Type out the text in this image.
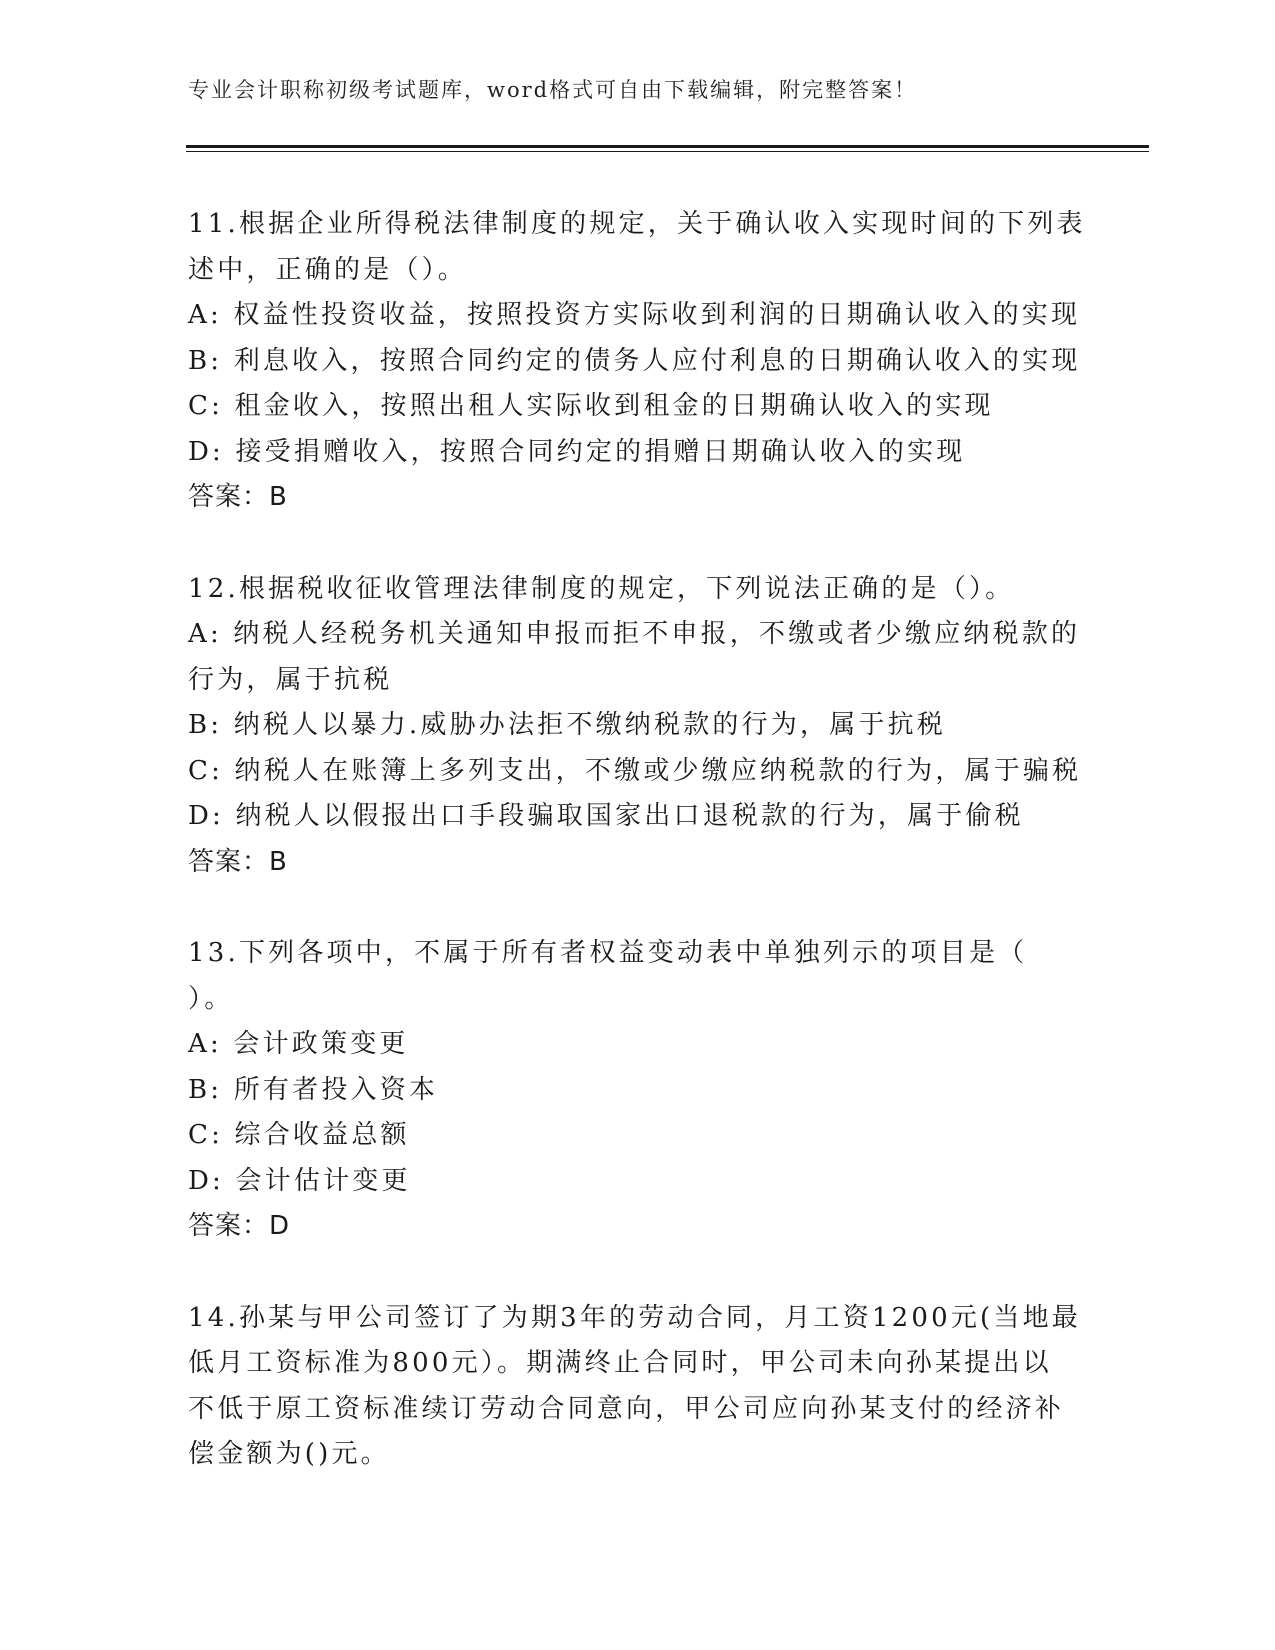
专业会计职称初级考试题库，word格式可自由下载编辑，附完整答案！
11.根据企业所得税法律制度的规定，关于确认收入实现时间的下列表
述中，正确的是（）。
A: 权益性投资收益，按照投资方实际收到利润的日期确认收入的实现
B: 利息收入，按照合同约定的债务人应付利息的日期确认收入的实现
C: 租金收入，按照出租人实际收到租金的日期确认收入的实现
D: 接受捐赠收入，按照合同约定的捐赠日期确认收入的实现
答案：B
12.根据税收征收管理法律制度的规定，下列说法正确的是（）。
A: 纳税人经税务机关通知申报而拒不申报，不缴或者少缴应纳税款的
行为，属于抗税
B: 纳税人以暴力.威胁办法拒不缴纳税款的行为，属于抗税
C: 纳税人在账簿上多列支出，不缴或少缴应纳税款的行为，属于骗税
D: 纳税人以假报出口手段骗取国家出口退税款的行为，属于偷税
答案：B
13.下列各项中，不属于所有者权益变动表中单独列示的项目是（
）。
A: 会计政策变更
B: 所有者投入资本
C: 综合收益总额
D: 会计估计变更
答案：D
14.孙某与甲公司签订了为期3年的劳动合同，月工资1200元(当地最
低月工资标准为800元）。期满终止合同时，甲公司未向孙某提出以
不低于原工资标准续订劳动合同意向，甲公司应向孙某支付的经济补
偿金额为()元。
